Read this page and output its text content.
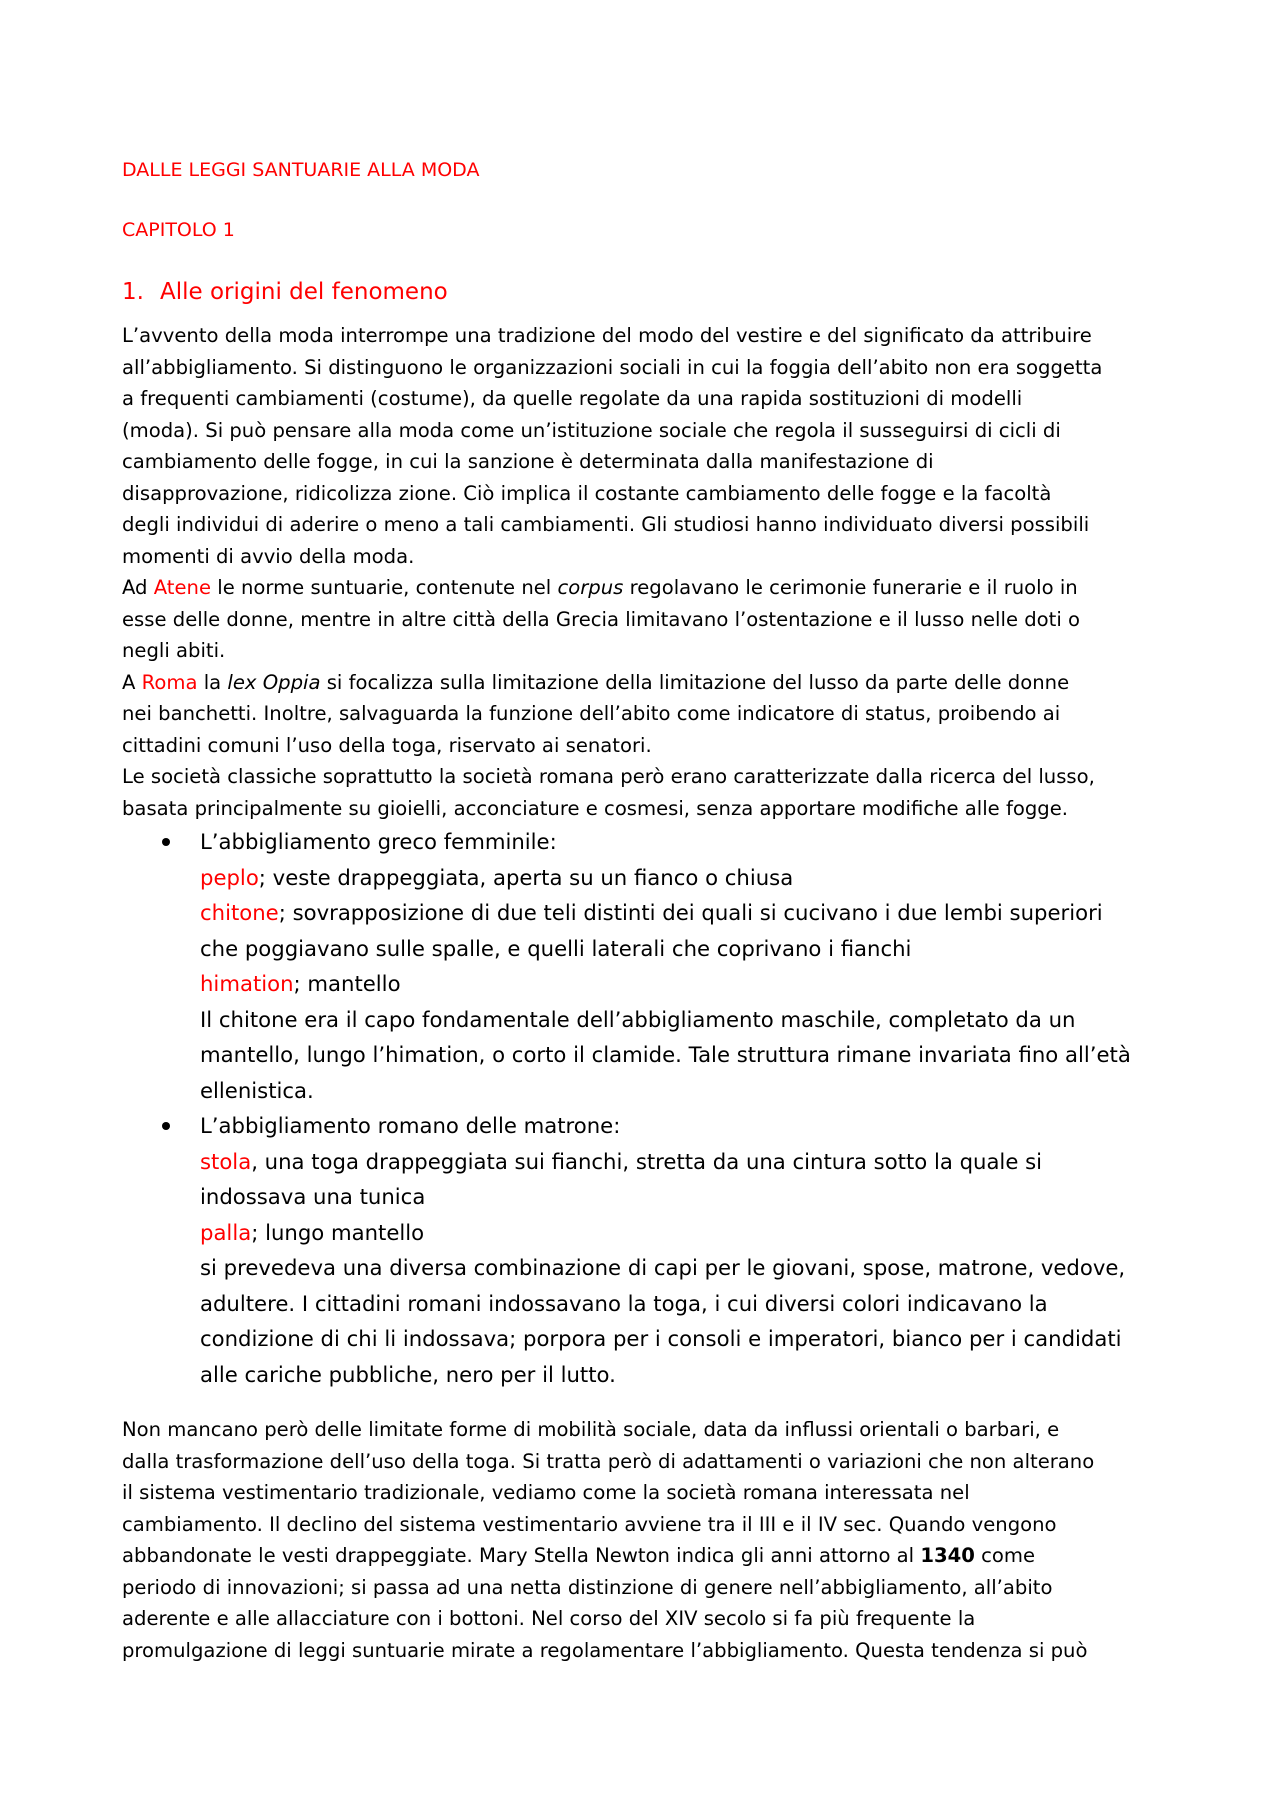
DALLE LEGGI SANTUARIE ALLA MODA

CAPITOLO 1

1. Alle origini del fenomeno

L’avvento della moda interrompe una tradizione del modo del vestire e del significato da attribuire

all’abbigliamento. Si distinguono le organizzazioni sociali in cui la foggia dell’abito non era soggetta

a frequenti cambiamenti (costume), da quelle regolate da una rapida sostituzioni di modelli

(moda). Si può pensare alla moda come un’istituzione sociale che regola il susseguirsi di cicli di

cambiamento delle fogge, in cui la sanzione è determinata dalla manifestazione di

disapprovazione, ridicolizza zione. Ciò implica il costante cambiamento delle fogge e la facoltà

degli individui di aderire o meno a tali cambiamenti. Gli studiosi hanno individuato diversi possibili

momenti di avvio della moda.

Ad Atene le norme suntuarie, contenute nel corpus regolavano le cerimonie funerarie e il ruolo in

esse delle donne, mentre in altre città della Grecia limitavano l’ostentazione e il lusso nelle doti o

negli abiti.

A Roma la lex Oppia si focalizza sulla limitazione della limitazione del lusso da parte delle donne

nei banchetti. Inoltre, salvaguarda la funzione dell’abito come indicatore di status, proibendo ai

cittadini comuni l’uso della toga, riservato ai senatori.

Le società classiche soprattutto la società romana però erano caratterizzate dalla ricerca del lusso,

basata principalmente su gioielli, acconciature e cosmesi, senza apportare modifiche alle fogge.

L’abbigliamento greco femminile:
peplo; veste drappeggiata, aperta su un fianco o chiusa
chitone; sovrapposizione di due teli distinti dei quali si cucivano i due lembi superiori
che poggiavano sulle spalle, e quelli laterali che coprivano i fianchi
himation; mantello
Il chitone era il capo fondamentale dell’abbigliamento maschile, completato da un
mantello, lungo l’himation, o corto il clamide. Tale struttura rimane invariata fino all’età
ellenistica.
L’abbigliamento romano delle matrone:
stola, una toga drappeggiata sui fianchi, stretta da una cintura sotto la quale si
indossava una tunica
palla; lungo mantello
si prevedeva una diversa combinazione di capi per le giovani, spose, matrone, vedove,
adultere. I cittadini romani indossavano la toga, i cui diversi colori indicavano la
condizione di chi li indossava; porpora per i consoli e imperatori, bianco per i candidati
alle cariche pubbliche, nero per il lutto.

Non mancano però delle limitate forme di mobilità sociale, data da influssi orientali o barbari, e

dalla trasformazione dell’uso della toga. Si tratta però di adattamenti o variazioni che non alterano

il sistema vestimentario tradizionale, vediamo come la società romana interessata nel

cambiamento. Il declino del sistema vestimentario avviene tra il III e il IV sec. Quando vengono

abbandonate le vesti drappeggiate. Mary Stella Newton indica gli anni attorno al 1340 come

periodo di innovazioni; si passa ad una netta distinzione di genere nell’abbigliamento, all’abito

aderente e alle allacciature con i bottoni. Nel corso del XIV secolo si fa più frequente la

promulgazione di leggi suntuarie mirate a regolamentare l’abbigliamento. Questa tendenza si può
